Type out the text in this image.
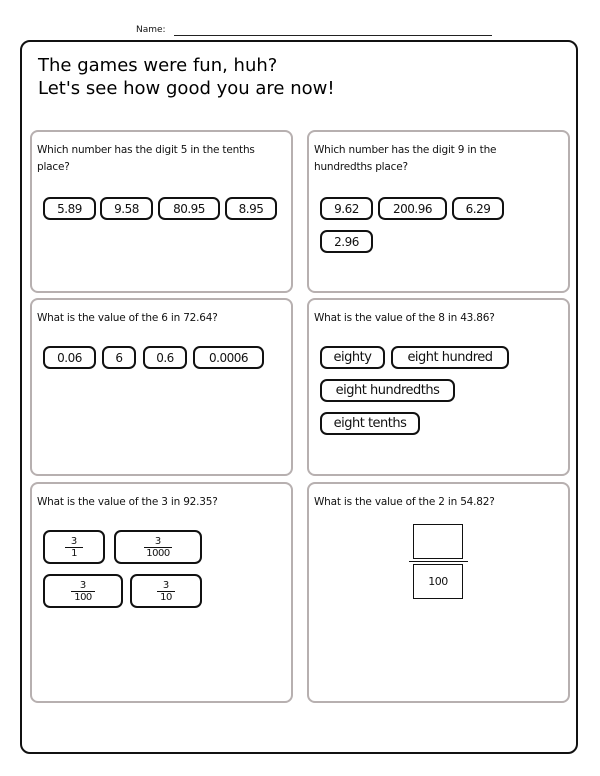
Name:
The games were fun, huh?
Let's see how good you are now!
Which number has the digit 5 in the tenths place?
5.89	9.58	80.95	8.95
Which number has the digit 9 in the hundredths place?
9.62	200.96	6.29
2.96
What is the value of the 6 in 72.64?
0.06	6	0.6	0.0006
What is the value of the 8 in 43.86?
eighty	eight hundred
eight hundredths
eight tenths
What is the value of the 3 in 92.35?
$\frac{3}{1}$	$\frac{3}{1000}$
$\frac{3}{100}$	$\frac{3}{10}$
What is the value of the 2 in 54.82?
100
